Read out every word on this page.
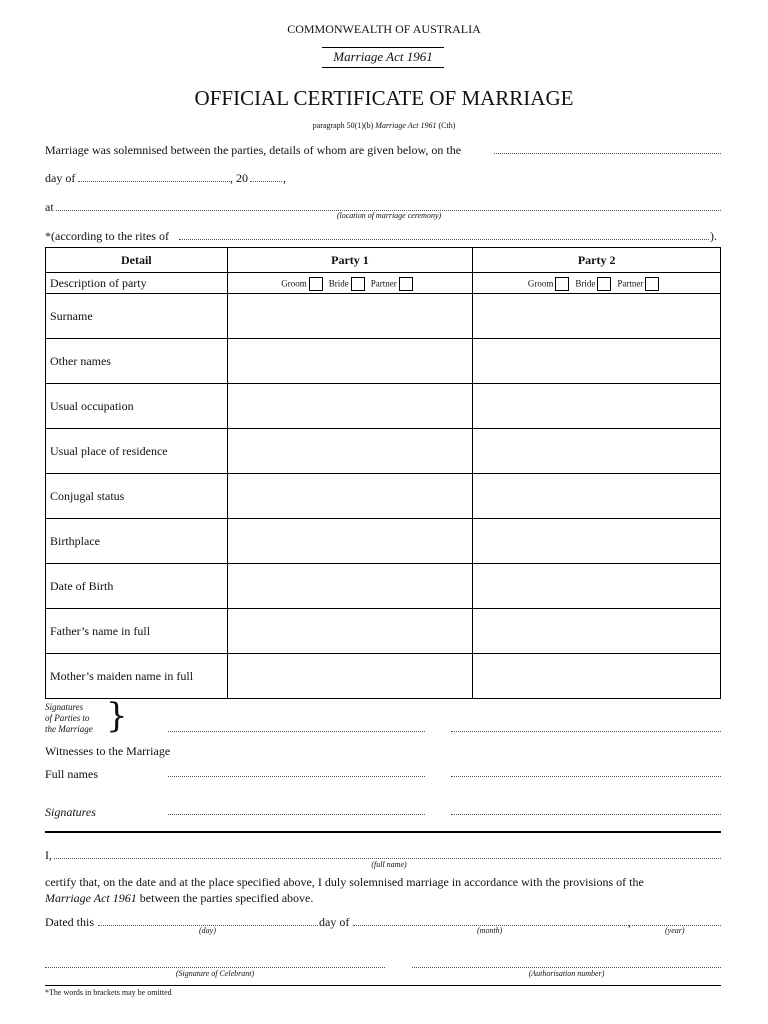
COMMONWEALTH OF AUSTRALIA
Marriage Act 1961
OFFICIAL CERTIFICATE OF MARRIAGE
paragraph 50(1)(b) Marriage Act 1961 (Cth)
Marriage was solemnised between the parties, details of whom are given below, on the
day of	, 20	,
at
(location of marriage ceremony)
*(according to the rites of	).
Detail	Party 1	Party 2
Description of party	Groom Bride Partner	Groom Bride Partner
Surname		
Other names		
Usual occupation		
Usual place of residence		
Conjugal status		
Birthplace		
Date of Birth		
Father’s name in full		
Mother’s maiden name in full		
Signatures
of Parties to
the Marriage }
Witnesses to the Marriage
Full names
Signatures
I,
(full name)
certify that, on the date and at the place specified above, I duly solemnised marriage in accordance with the provisions of the
Marriage Act 1961 between the parties specified above.
Dated this	day of	,
(day)	(month)	(year)
(Signature of Celebrant)	(Authorisation number)
*The words in brackets may be omitted
